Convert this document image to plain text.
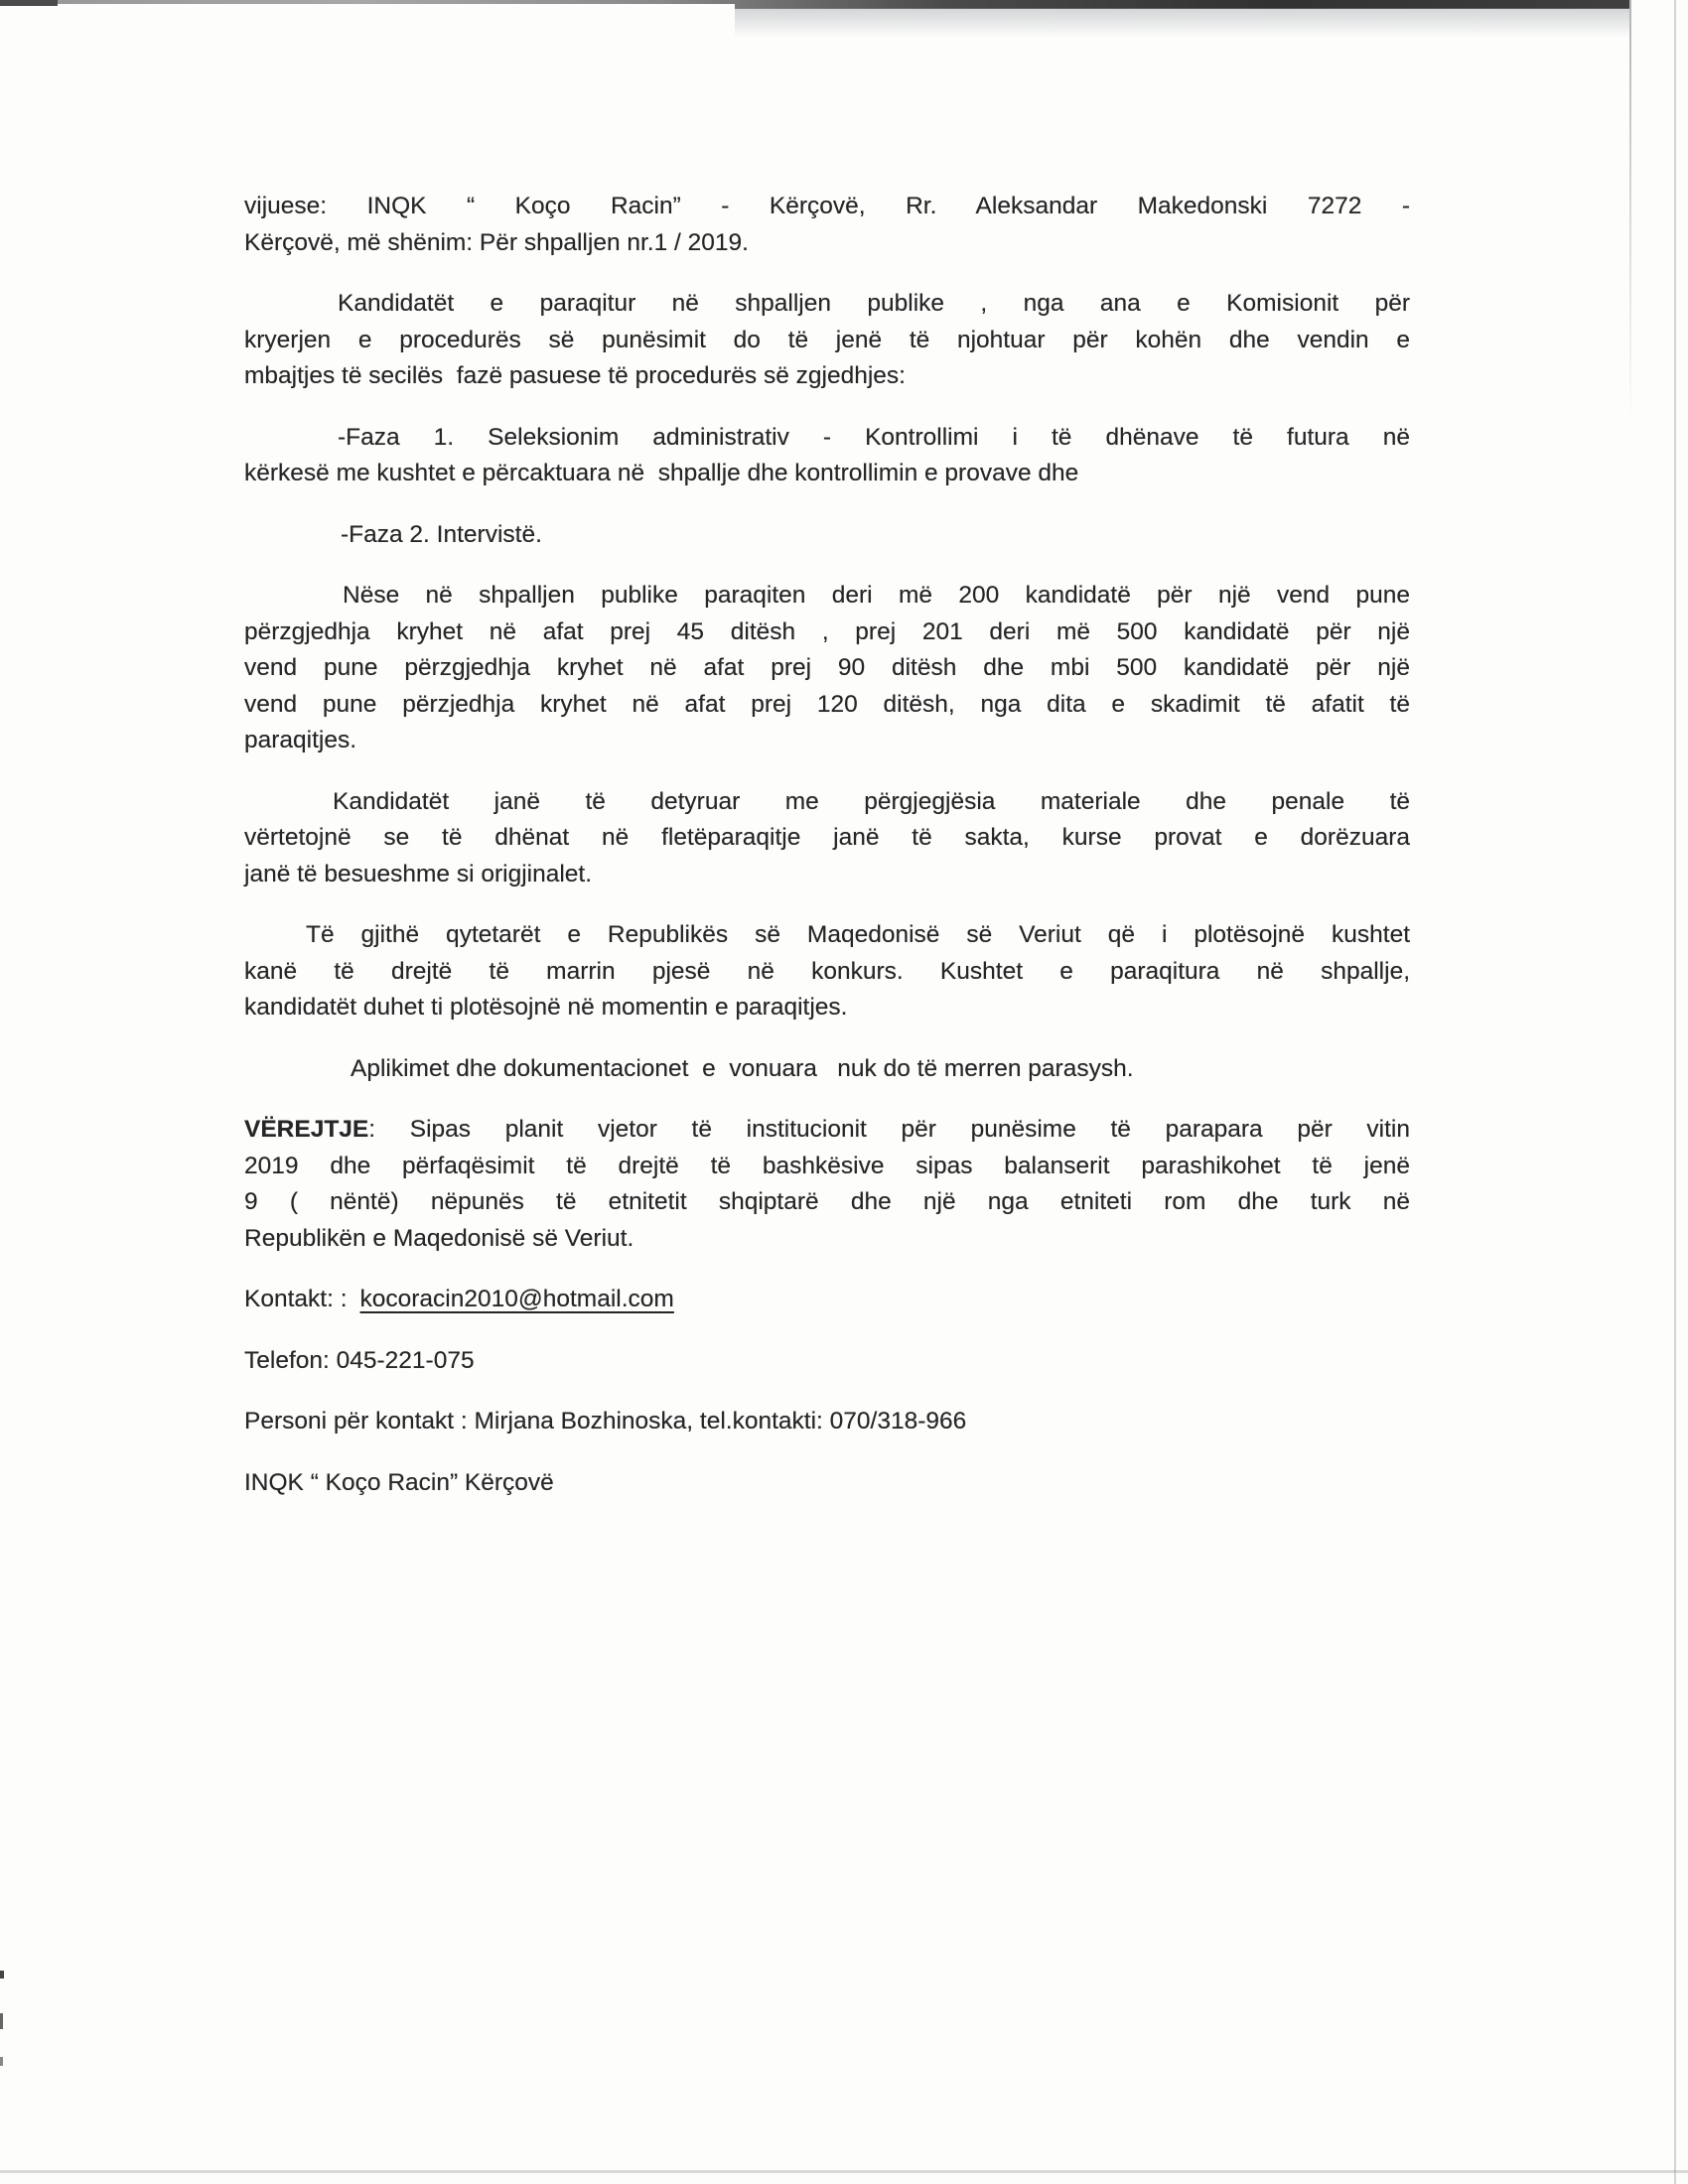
vijuese: INQK “ Koço Racin” - Kërçovë, Rr. Aleksandar Makedonski 7272 -
Kërçovë, më shënim: Për shpalljen nr.1 / 2019.
Kandidatët e paraqitur në shpalljen publike , nga ana e Komisionit për
kryerjen e procedurës së punësimit do të jenë të njohtuar për kohën dhe vendin e
mbajtjes të secilës  fazë pasuese të procedurës së zgjedhjes:
-Faza 1. Seleksionim administrativ - Kontrollimi i të dhënave të futura në
kërkesë me kushtet e përcaktuara në  shpallje dhe kontrollimin e provave dhe
-Faza 2. Intervistë.
Nëse në shpalljen publike paraqiten deri më 200 kandidatë për një vend pune
përzgjedhja kryhet në afat prej 45 ditësh , prej 201 deri më 500 kandidatë për një
vend pune përzgjedhja kryhet në afat prej 90 ditësh dhe mbi 500 kandidatë për një
vend pune përzjedhja kryhet në afat prej 120 ditësh, nga dita e skadimit të afatit të
paraqitjes.
Kandidatët janë të detyruar me përgjegjësia materiale dhe penale të
vërtetojnë se të dhënat në fletëparaqitje janë të sakta, kurse provat e dorëzuara
janë të besueshme si origjinalet.
Të gjithë qytetarët e Republikës së Maqedonisë së Veriut që i plotësojnë kushtet
kanë të drejtë të marrin pjesë në konkurs. Kushtet e paraqitura në shpallje,
kandidatët duhet ti plotësojnë në momentin e paraqitjes.
Aplikimet dhe dokumentacionet  e  vonuara   nuk do të merren parasysh.
VËREJTJE: Sipas planit vjetor të institucionit për punësime të parapara për vitin
2019 dhe përfaqësimit të drejtë të bashkësive sipas balanserit parashikohet të jenë
9 ( nëntë) nëpunës të etnitetit shqiptarë dhe një nga etniteti rom dhe turk në
Republikën e Maqedonisë së Veriut.
Kontakt: : kocoracin2010@hotmail.com
Telefon: 045-221-075
Personi për kontakt : Mirjana Bozhinoska, tel.kontakti: 070/318-966
INQK “ Koço Racin” Kërçovë
